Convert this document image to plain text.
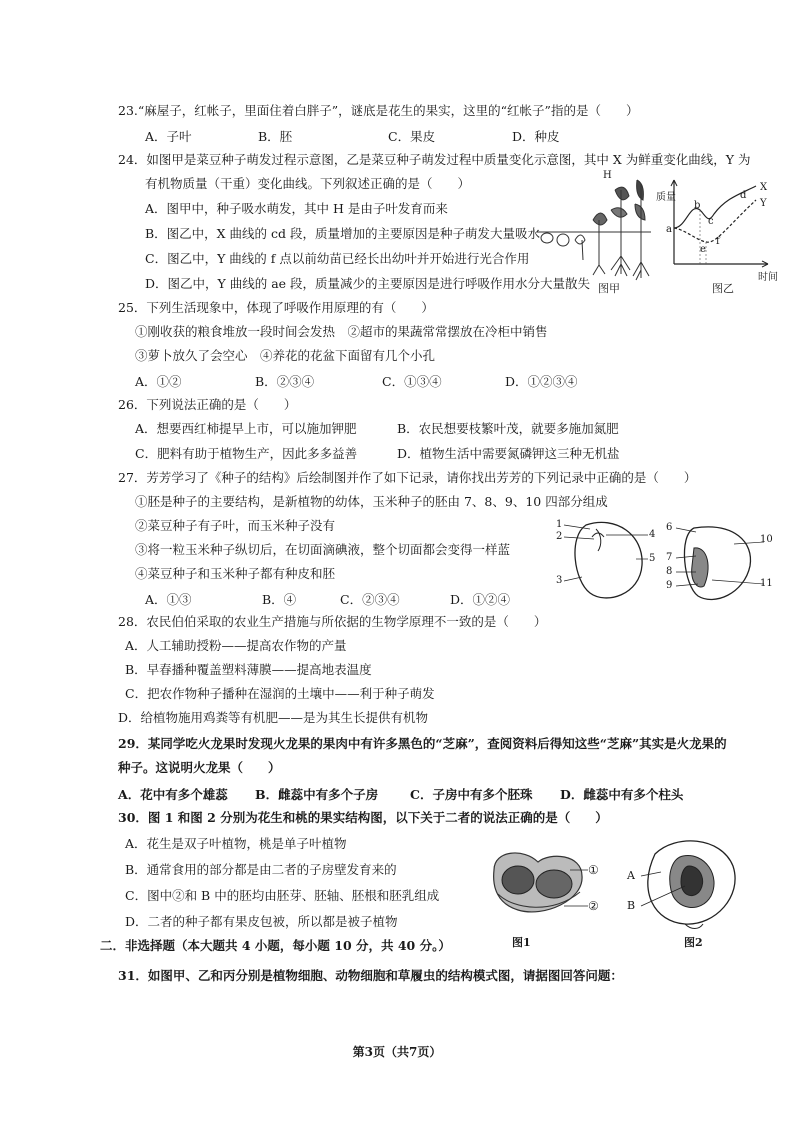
23.“麻屋子，红帐子，里面住着白胖子”，谜底是花生的果实，这里的“红帐子”指的是（　　）
A．子叶	B．胚	C．果皮	D．种皮
24．如图甲是菜豆种子萌发过程示意图，乙是菜豆种子萌发过程中质量变化示意图，其中 X 为鲜重变化曲线，Y 为
有机物质量（干重）变化曲线。下列叙述正确的是（　　）
A．图甲中，种子吸水萌发，其中 H 是由子叶发育而来
B．图乙中，X 曲线的 cd 段，质量增加的主要原因是种子萌发大量吸水
C．图乙中，Y 曲线的 f 点以前幼苗已经长出幼叶并开始进行光合作用
D．图乙中，Y 曲线的 ae 段，质量减少的主要原因是进行呼吸作用水分大量散失
H
图甲
质量
时间
X
Y
a
b
c
d
e
f
图乙
25．下列生活现象中，体现了呼吸作用原理的有（　　）
①刚收获的粮食堆放一段时间会发热　②超市的果蔬常常摆放在冷柜中销售
③萝卜放久了会空心　④养花的花盆下面留有几个小孔
A．①②	B．②③④	C．①③④	D．①②③④
26．下列说法正确的是（　　）
A．想要西红柿提早上市，可以施加钾肥	B．农民想要枝繁叶茂，就要多施加氮肥
C．肥料有助于植物生产，因此多多益善	D．植物生活中需要氮磷钾这三种无机盐
27．芳芳学习了《种子的结构》后绘制图并作了如下记录，请你找出芳芳的下列记录中正确的是（　　）
①胚是种子的主要结构，是新植物的幼体，玉米种子的胚由 7、8、9、10 四部分组成
②菜豆种子有子叶，而玉米种子没有
③将一粒玉米种子纵切后，在切面滴碘液，整个切面都会变得一样蓝
④菜豆种子和玉米种子都有种皮和胚
A．①③	B．④	C．②③④	D．①②④
1
2
3
4
5
6
7
8
9
10
11
28．农民伯伯采取的农业生产措施与所依据的生物学原理不一致的是（　　）
A．人工辅助授粉——提高农作物的产量
B．早春播种覆盖塑料薄膜——提高地表温度
C．把农作物种子播种在湿润的土壤中——利于种子萌发
D．给植物施用鸡粪等有机肥——是为其生长提供有机物
29．某同学吃火龙果时发现火龙果的果肉中有许多黑色的“芝麻”，查阅资料后得知这些“芝麻”其实是火龙果的
种子。这说明火龙果（　　）
A．花中有多个雄蕊 B．雌蕊中有多个子房	C．子房中有多个胚珠 D．雌蕊中有多个柱头
30．图 1 和图 2 分别为花生和桃的果实结构图，以下关于二者的说法正确的是（　　）
A．花生是双子叶植物，桃是单子叶植物
B．通常食用的部分都是由二者的子房壁发育来的
C．图中②和 B 中的胚均由胚芽、胚轴、胚根和胚乳组成
D．二者的种子都有果皮包被，所以都是被子植物
①
②
图1
A
B
图2
二．非选择题（本大题共 4 小题，每小题 10 分，共 40 分。）
31．如图甲、乙和丙分别是植物细胞、动物细胞和草履虫的结构模式图，请据图回答问题：
第3页（共7页）
